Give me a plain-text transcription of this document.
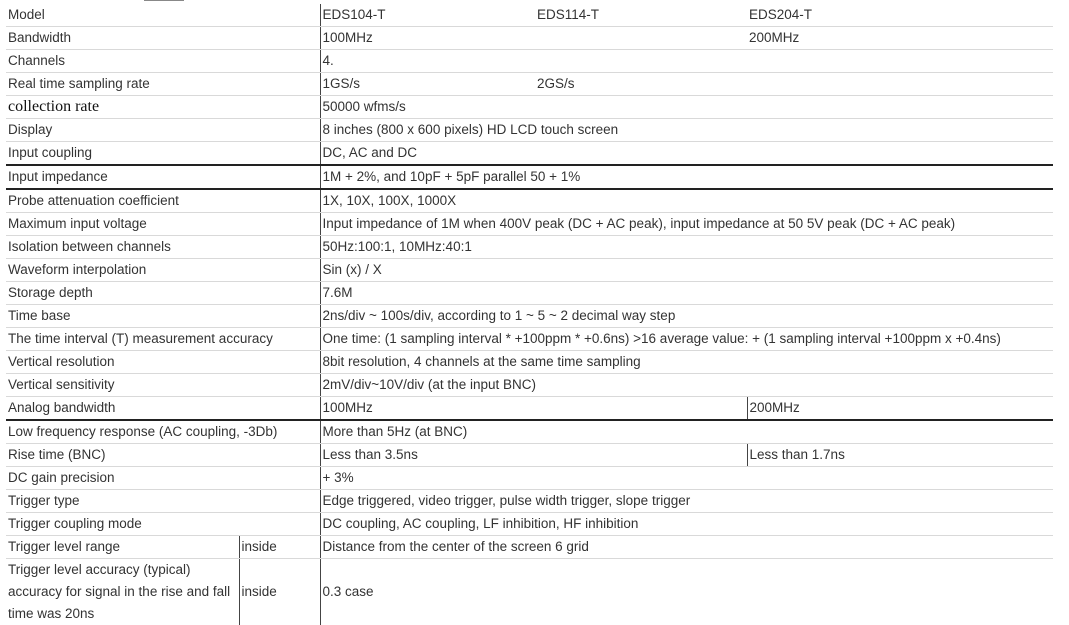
Model		EDS104-T	EDS114-T	EDS204-T
Bandwidth		100MHz		200MHz
Channels		4.		
Real time sampling rate		1GS/s	2GS/s	
collection rate		50000 wfms/s		
Display		8 inches (800 x 600 pixels) HD LCD touch screen		
Input coupling		DC, AC and DC		
Input impedance		1M + 2%, and 10pF + 5pF parallel 50 + 1%		
Probe attenuation coefficient		1X, 10X, 100X, 1000X		
Maximum input voltage		Input impedance of 1M when 400V peak (DC + AC peak), input impedance at 50 5V peak (DC + AC peak)		
Isolation between channels		50Hz:100:1, 10MHz:40:1		
Waveform interpolation		Sin (x) / X		
Storage depth		7.6M		
Time base		2ns/div ~ 100s/div, according to 1 ~ 5 ~ 2 decimal way step		
The time interval (T) measurement accuracy		One time: (1 sampling interval * +100ppm * +0.6ns) >16 average value: + (1 sampling interval +100ppm x +0.4ns)		
Vertical resolution		8bit resolution, 4 channels at the same time sampling		
Vertical sensitivity		2mV/div~10V/div (at the input BNC)		
Analog bandwidth		100MHz		200MHz
Low frequency response (AC coupling, -3Db)		More than 5Hz (at BNC)		
Rise time (BNC)		Less than 3.5ns		Less than 1.7ns
DC gain precision		+ 3%		
Trigger type		Edge triggered, video trigger, pulse width trigger, slope trigger		
Trigger coupling mode		DC coupling, AC coupling, LF inhibition, HF inhibition		
Trigger level range	inside	Distance from the center of the screen 6 grid		
Trigger level accuracy (typical) accuracy for signal in the rise and fall time was 20ns	inside	0.3 case		
